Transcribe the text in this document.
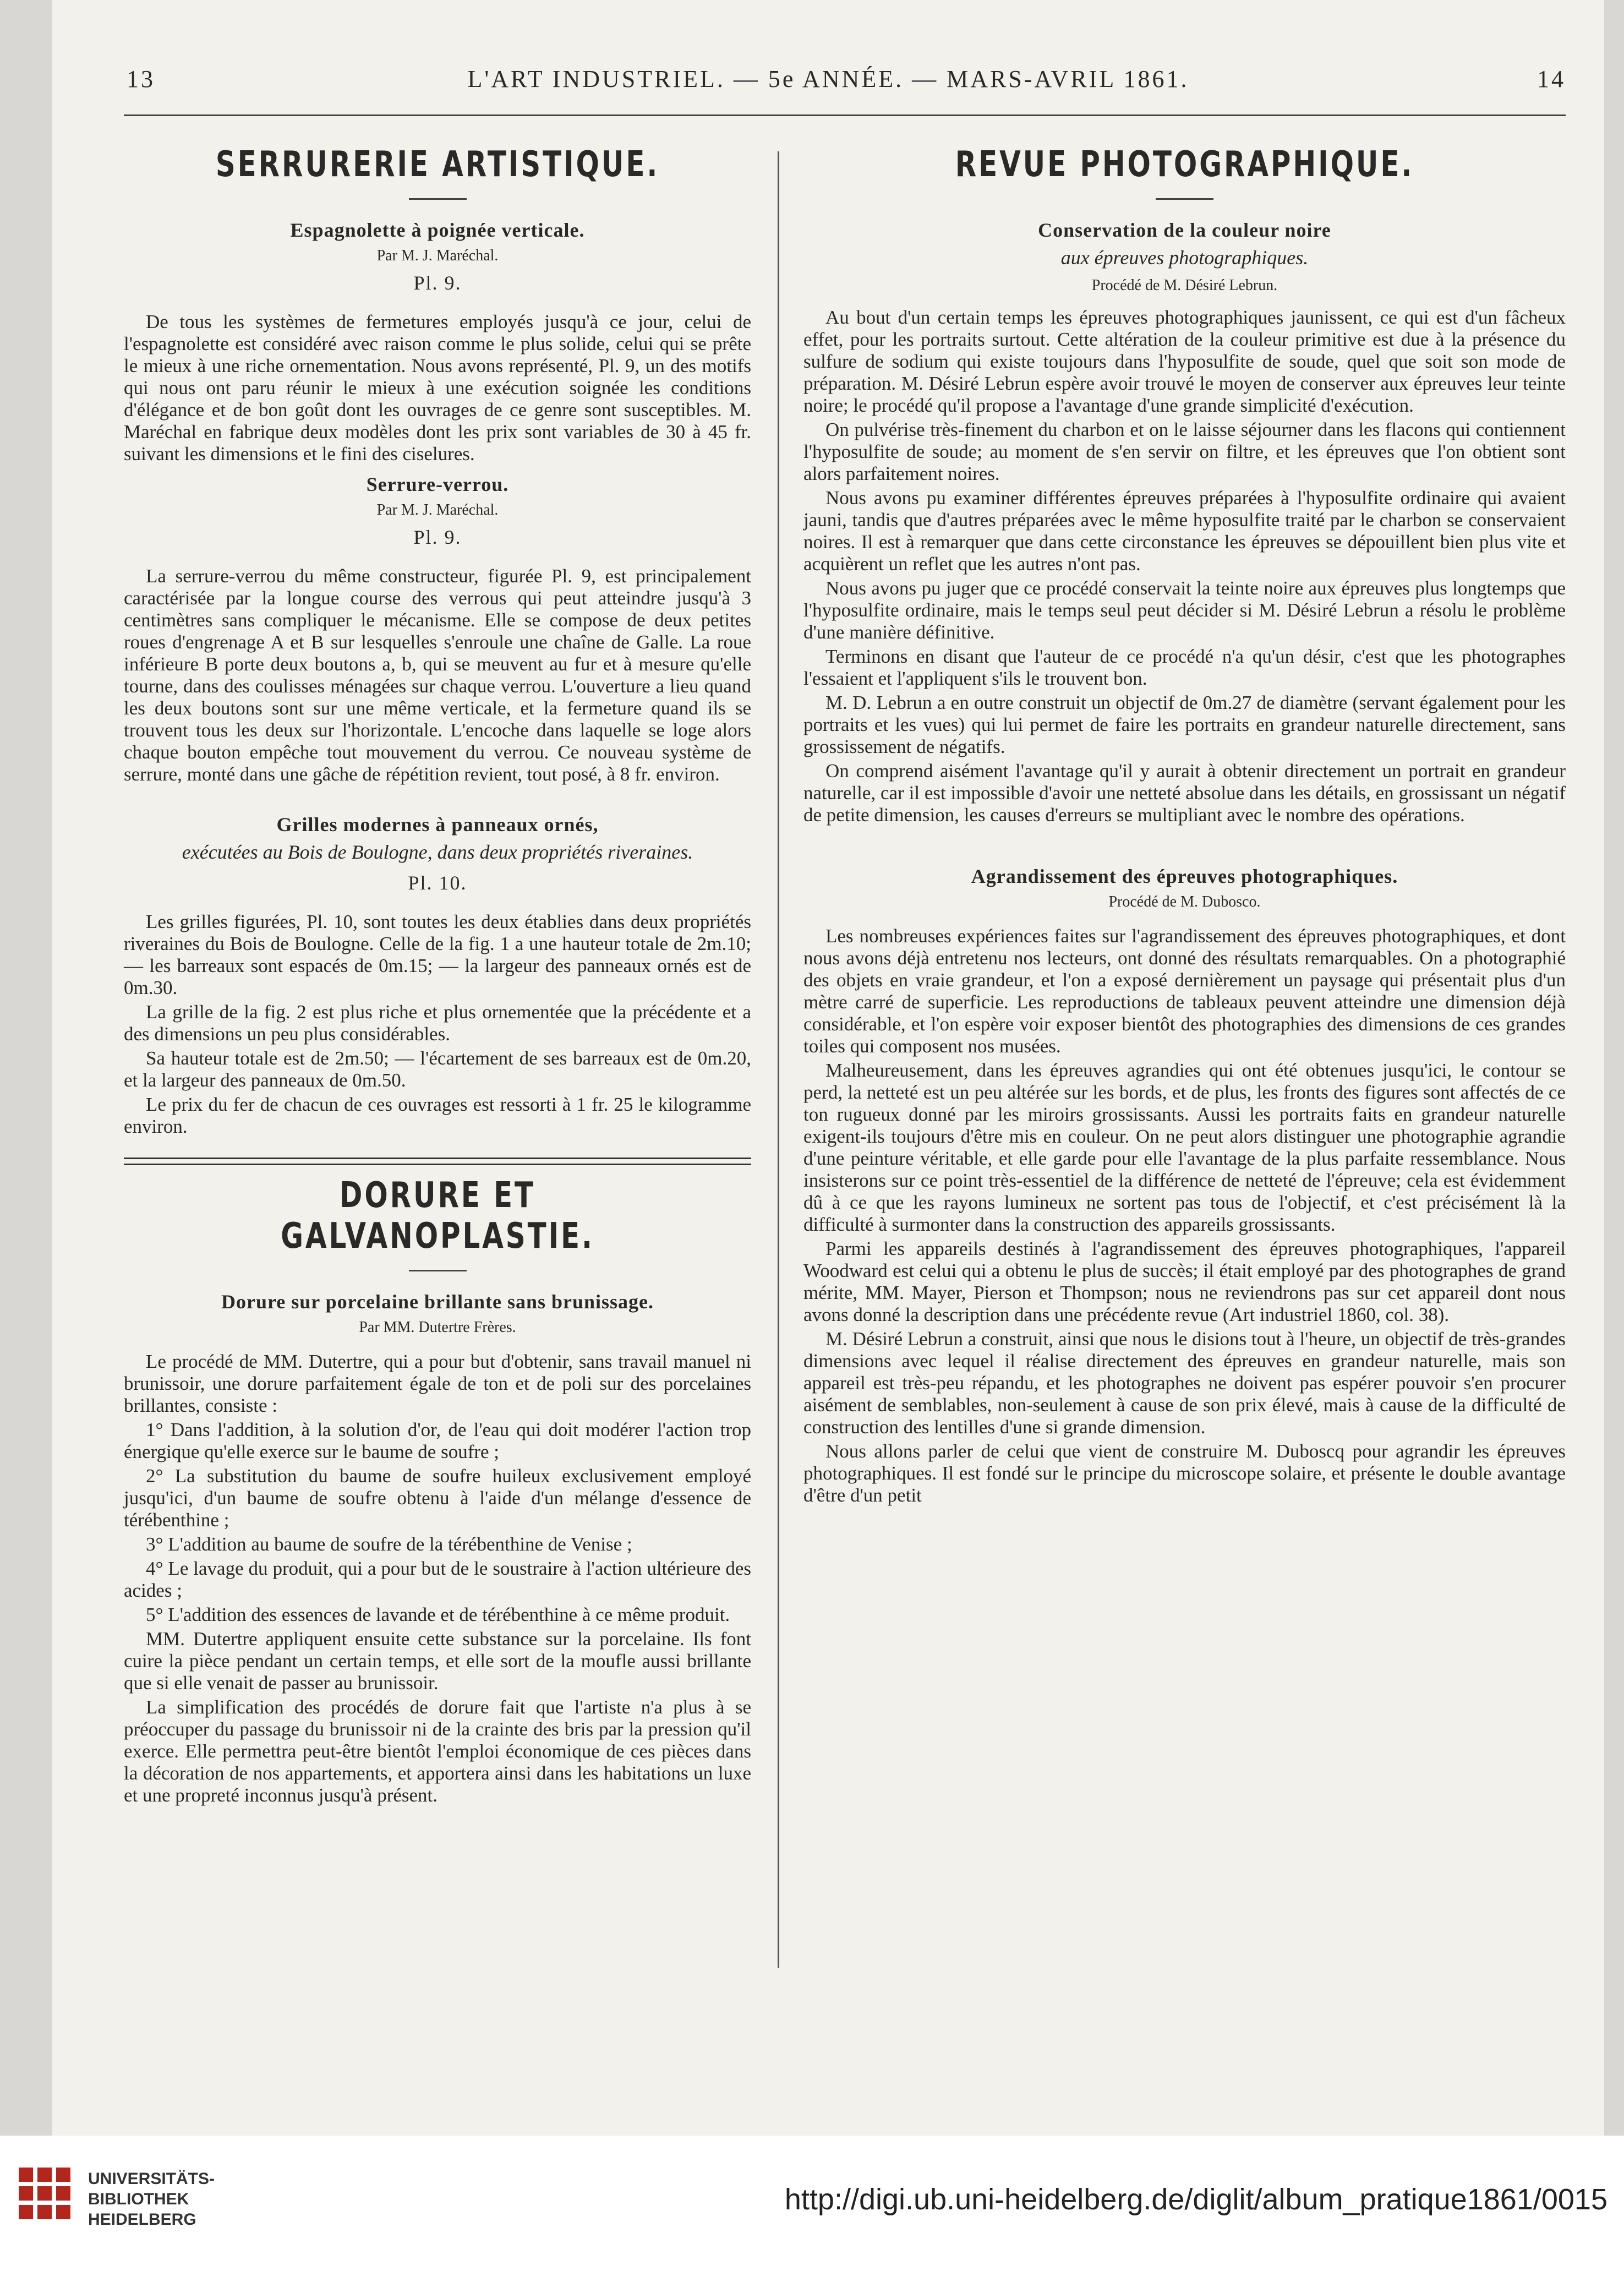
13	L'ART INDUSTRIEL. — 5e ANNÉE. — MARS-AVRIL 1861.	14
SERRURERIE ARTISTIQUE.
Espagnolette à poignée verticale.
Par M. J. Maréchal.
Pl. 9.

De tous les systèmes de fermetures employés jusqu'à ce jour, celui de l'espagnolette est considéré avec raison comme le plus solide, celui qui se prête le mieux à une riche ornementation. Nous avons représenté, Pl. 9, un des motifs qui nous ont paru réunir le mieux à une exécution soignée les conditions d'élégance et de bon goût dont les ouvrages de ce genre sont susceptibles. M. Maréchal en fabrique deux modèles dont les prix sont variables de 30 à 45 fr. suivant les dimensions et le fini des ciselures.

Serrure-verrou.
Par M. J. Maréchal.
Pl. 9.

La serrure-verrou du même constructeur, figurée Pl. 9, est principalement caractérisée par la longue course des verrous qui peut atteindre jusqu'à 3 centimètres sans compliquer le mécanisme. Elle se compose de deux petites roues d'engrenage A et B sur lesquelles s'enroule une chaîne de Galle. La roue inférieure B porte deux boutons a, b, qui se meuvent au fur et à mesure qu'elle tourne, dans des coulisses ménagées sur chaque verrou. L'ouverture a lieu quand les deux boutons sont sur une même verticale, et la fermeture quand ils se trouvent tous les deux sur l'horizontale. L'encoche dans laquelle se loge alors chaque bouton empêche tout mouvement du verrou. Ce nouveau système de serrure, monté dans une gâche de répétition revient, tout posé, à 8 fr. environ.

Grilles modernes à panneaux ornés,
exécutées au Bois de Boulogne, dans deux propriétés riveraines.
Pl. 10.

Les grilles figurées, Pl. 10, sont toutes les deux établies dans deux propriétés riveraines du Bois de Boulogne. Celle de la fig. 1 a une hauteur totale de 2m.10; — les barreaux sont espacés de 0m.15; — la largeur des panneaux ornés est de 0m.30.

La grille de la fig. 2 est plus riche et plus ornementée que la précédente et a des dimensions un peu plus considérables.

Sa hauteur totale est de 2m.50; — l'écartement de ses barreaux est de 0m.20, et la largeur des panneaux de 0m.50.

Le prix du fer de chacun de ces ouvrages est ressorti à 1 fr. 25 le kilogramme environ.

DORURE ET GALVANOPLASTIE.
Dorure sur porcelaine brillante sans brunissage.
Par MM. Dutertre Frères.

Le procédé de MM. Dutertre, qui a pour but d'obtenir, sans travail manuel ni brunissoir, une dorure parfaitement égale de ton et de poli sur des porcelaines brillantes, consiste :

1° Dans l'addition, à la solution d'or, de l'eau qui doit modérer l'action trop énergique qu'elle exerce sur le baume de soufre ;

2° La substitution du baume de soufre huileux exclusivement employé jusqu'ici, d'un baume de soufre obtenu à l'aide d'un mélange d'essence de térébenthine ;

3° L'addition au baume de soufre de la térébenthine de Venise ;

4° Le lavage du produit, qui a pour but de le soustraire à l'action ultérieure des acides ;

5° L'addition des essences de lavande et de térébenthine à ce même produit.

MM. Dutertre appliquent ensuite cette substance sur la porcelaine. Ils font cuire la pièce pendant un certain temps, et elle sort de la moufle aussi brillante que si elle venait de passer au brunissoir.

La simplification des procédés de dorure fait que l'artiste n'a plus à se préoccuper du passage du brunissoir ni de la crainte des bris par la pression qu'il exerce. Elle permettra peut-être bientôt l'emploi économique de ces pièces dans la décoration de nos appartements, et apportera ainsi dans les habitations un luxe et une propreté inconnus jusqu'à présent.

REVUE PHOTOGRAPHIQUE.
Conservation de la couleur noire
aux épreuves photographiques.
Procédé de M. Désiré Lebrun.

Au bout d'un certain temps les épreuves photographiques jaunissent, ce qui est d'un fâcheux effet, pour les portraits surtout. Cette altération de la couleur primitive est due à la présence du sulfure de sodium qui existe toujours dans l'hyposulfite de soude, quel que soit son mode de préparation. M. Désiré Lebrun espère avoir trouvé le moyen de conserver aux épreuves leur teinte noire; le procédé qu'il propose a l'avantage d'une grande simplicité d'exécution.

On pulvérise très-finement du charbon et on le laisse séjourner dans les flacons qui contiennent l'hyposulfite de soude; au moment de s'en servir on filtre, et les épreuves que l'on obtient sont alors parfaitement noires.

Nous avons pu examiner différentes épreuves préparées à l'hyposulfite ordinaire qui avaient jauni, tandis que d'autres préparées avec le même hyposulfite traité par le charbon se conservaient noires. Il est à remarquer que dans cette circonstance les épreuves se dépouillent bien plus vite et acquièrent un reflet que les autres n'ont pas.

Nous avons pu juger que ce procédé conservait la teinte noire aux épreuves plus longtemps que l'hyposulfite ordinaire, mais le temps seul peut décider si M. Désiré Lebrun a résolu le problème d'une manière définitive.

Terminons en disant que l'auteur de ce procédé n'a qu'un désir, c'est que les photographes l'essaient et l'appliquent s'ils le trouvent bon.

M. D. Lebrun a en outre construit un objectif de 0m.27 de diamètre (servant également pour les portraits et les vues) qui lui permet de faire les portraits en grandeur naturelle directement, sans grossissement de négatifs.

On comprend aisément l'avantage qu'il y aurait à obtenir directement un portrait en grandeur naturelle, car il est impossible d'avoir une netteté absolue dans les détails, en grossissant un négatif de petite dimension, les causes d'erreurs se multipliant avec le nombre des opérations.

Agrandissement des épreuves photographiques.
Procédé de M. Dubosco.

Les nombreuses expériences faites sur l'agrandissement des épreuves photographiques, et dont nous avons déjà entretenu nos lecteurs, ont donné des résultats remarquables. On a photographié des objets en vraie grandeur, et l'on a exposé dernièrement un paysage qui présentait plus d'un mètre carré de superficie. Les reproductions de tableaux peuvent atteindre une dimension déjà considérable, et l'on espère voir exposer bientôt des photographies des dimensions de ces grandes toiles qui composent nos musées.

Malheureusement, dans les épreuves agrandies qui ont été obtenues jusqu'ici, le contour se perd, la netteté est un peu altérée sur les bords, et de plus, les fronts des figures sont affectés de ce ton rugueux donné par les miroirs grossissants. Aussi les portraits faits en grandeur naturelle exigent-ils toujours d'être mis en couleur. On ne peut alors distinguer une photographie agrandie d'une peinture véritable, et elle garde pour elle l'avantage de la plus parfaite ressemblance. Nous insisterons sur ce point très-essentiel de la différence de netteté de l'épreuve; cela est évidemment dû à ce que les rayons lumineux ne sortent pas tous de l'objectif, et c'est précisément là la difficulté à surmonter dans la construction des appareils grossissants.

Parmi les appareils destinés à l'agrandissement des épreuves photographiques, l'appareil Woodward est celui qui a obtenu le plus de succès; il était employé par des photographes de grand mérite, MM. Mayer, Pierson et Thompson; nous ne reviendrons pas sur cet appareil dont nous avons donné la description dans une précédente revue (Art industriel 1860, col. 38).

M. Désiré Lebrun a construit, ainsi que nous le disions tout à l'heure, un objectif de très-grandes dimensions avec lequel il réalise directement des épreuves en grandeur naturelle, mais son appareil est très-peu répandu, et les photographes ne doivent pas espérer pouvoir s'en procurer aisément de semblables, non-seulement à cause de son prix élevé, mais à cause de la difficulté de construction des lentilles d'une si grande dimension.

Nous allons parler de celui que vient de construire M. Duboscq pour agrandir les épreuves photographiques. Il est fondé sur le principe du microscope solaire, et présente le double avantage d'être d'un petit

UNIVERSITÄTS-
BIBLIOTHEK
HEIDELBERG
http://digi.ub.uni-heidelberg.de/diglit/album_pratique1861/0015
